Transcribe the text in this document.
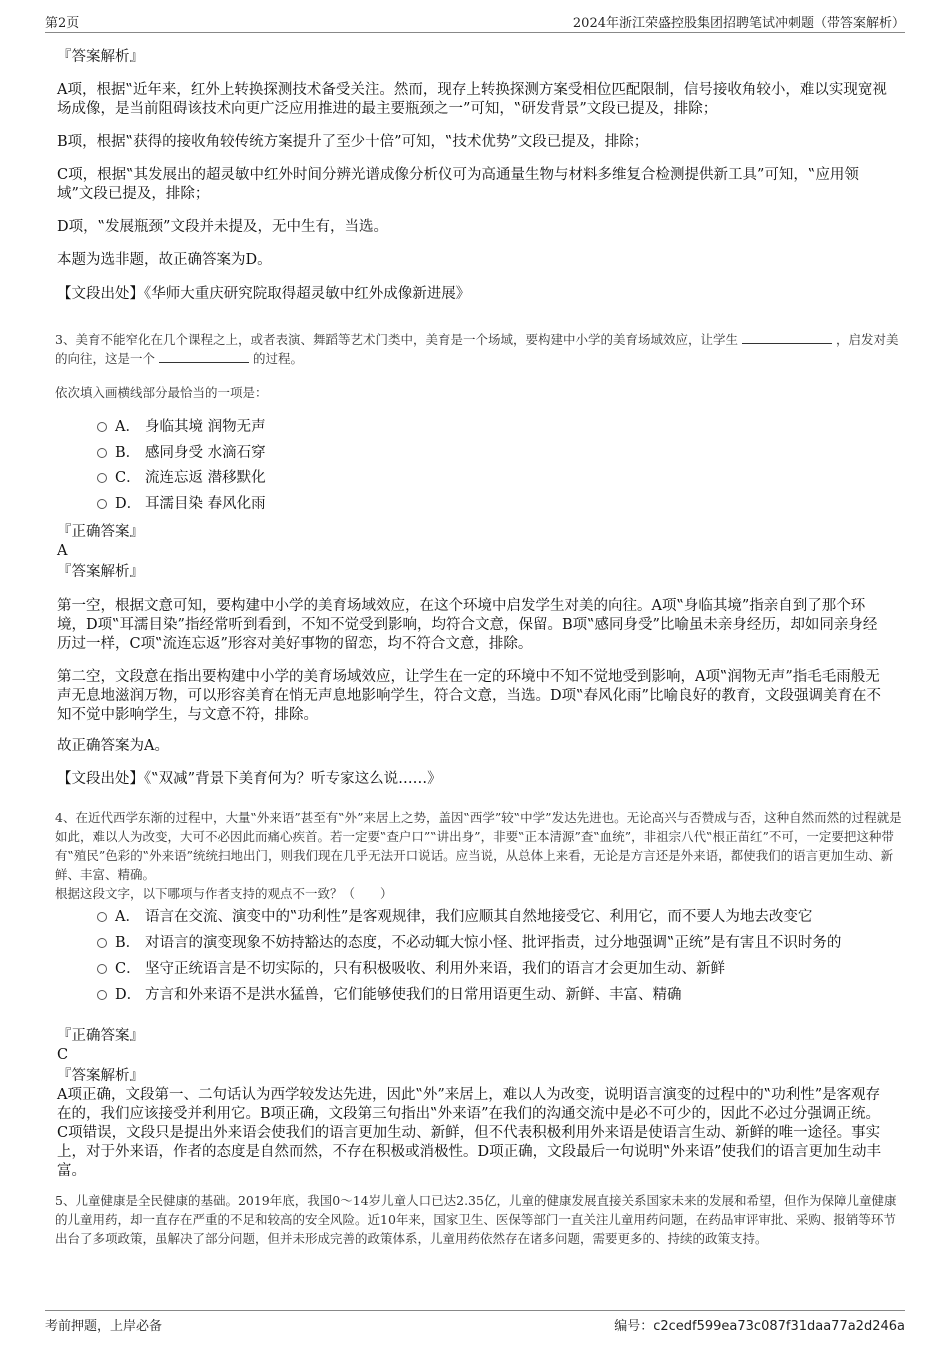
第2页	2024年浙江荣盛控股集团招聘笔试冲刺题（带答案解析）
『答案解析』

A项，根据‟近年来，红外上转换探测技术备受关注。然而，现存上转换探测方案受相位匹配限制，信号接收角较小，难以实现宽视场成像，是当前阻碍该技术向更广泛应用推进的最主要瓶颈之一”可知，‟研发背景”文段已提及，排除；

B项，根据‟获得的接收角较传统方案提升了至少十倍”可知，‟技术优势”文段已提及，排除；

C项，根据‟其发展出的超灵敏中红外时间分辨光谱成像分析仪可为高通量生物与材料多维复合检测提供新工具”可知，‟应用领域”文段已提及，排除；

D项，‟发展瓶颈”文段并未提及，无中生有，当选。

本题为选非题，故正确答案为D。

【文段出处】《华师大重庆研究院取得超灵敏中红外成像新进展》

3、美育不能窄化在几个课程之上，或者表演、舞蹈等艺术门类中，美育是一个场域，要构建中小学的美育场域效应，让学生	，启发对美的向往，这是一个	的过程。
依次填入画横线部分最恰当的一项是：
A． 身临其境 润物无声
B． 感同身受 水滴石穿
C． 流连忘返 潜移默化
D． 耳濡目染 春风化雨
『正确答案』
A
『答案解析』

第一空，根据文意可知，要构建中小学的美育场域效应，在这个环境中启发学生对美的向往。A项‟身临其境”指亲自到了那个环境，D项‟耳濡目染”指经常听到看到，不知不觉受到影响，均符合文意，保留。B项‟感同身受”比喻虽未亲身经历，却如同亲身经历过一样，C项‟流连忘返”形容对美好事物的留恋，均不符合文意，排除。

第二空，文段意在指出要构建中小学的美育场域效应，让学生在一定的环境中不知不觉地受到影响，A项‟润物无声”指毛毛雨般无声无息地滋润万物，可以形容美育在悄无声息地影响学生，符合文意，当选。D项‟春风化雨”比喻良好的教育，文段强调美育在不知不觉中影响学生，与文意不符，排除。

故正确答案为A。

【文段出处】《‟双减”背景下美育何为？听专家这么说……》

4、在近代西学东渐的过程中，大量‟外来语”甚至有‟外”来居上之势，盖因‟西学”较‟中学”发达先进也。无论高兴与否赞成与否，这种自然而然的过程就是如此，难以人为改变，大可不必因此而痛心疾首。若一定要‟查户口”‟讲出身”，非要‟正本清源”查‟血统”，非祖宗八代‟根正苗红”不可，一定要把这种带有‟殖民”色彩的‟外来语”统统扫地出门，则我们现在几乎无法开口说话。应当说，从总体上来看，无论是方言还是外来语，都使我们的语言更加生动、新鲜、丰富、精确。
根据这段文字，以下哪项与作者支持的观点不一致？（　　）
A． 语言在交流、演变中的‟功利性”是客观规律，我们应顺其自然地接受它、利用它，而不要人为地去改变它
B． 对语言的演变现象不妨持豁达的态度，不必动辄大惊小怪、批评指责，过分地强调‟正统”是有害且不识时务的
C． 坚守正统语言是不切实际的，只有积极吸收、利用外来语，我们的语言才会更加生动、新鲜
D． 方言和外来语不是洪水猛兽，它们能够使我们的日常用语更生动、新鲜、丰富、精确
『正确答案』
C
『答案解析』

A项正确，文段第一、二句话认为西学较发达先进，因此‟外”来居上，难以人为改变，说明语言演变的过程中的‟功利性”是客观存在的，我们应该接受并利用它。B项正确，文段第三句指出‟外来语”在我们的沟通交流中是必不可少的，因此不必过分强调正统。C项错误，文段只是提出外来语会使我们的语言更加生动、新鲜，但不代表积极利用外来语是使语言生动、新鲜的唯一途径。事实上，对于外来语，作者的态度是自然而然，不存在积极或消极性。D项正确，文段最后一句说明‟外来语”使我们的语言更加生动丰富。

5、儿童健康是全民健康的基础。2019年底，我国0～14岁儿童人口已达2.35亿，儿童的健康发展直接关系国家未来的发展和希望，但作为保障儿童健康的儿童用药，却一直存在严重的不足和较高的安全风险。近10年来，国家卫生、医保等部门一直关注儿童用药问题，在药品审评审批、采购、报销等环节出台了多项政策，虽解决了部分问题，但并未形成完善的政策体系，儿童用药依然存在诸多问题，需要更多的、持续的政策支持。
考前押题，上岸必备	编号：c2cedf599ea73c087f31daa77a2d246a
